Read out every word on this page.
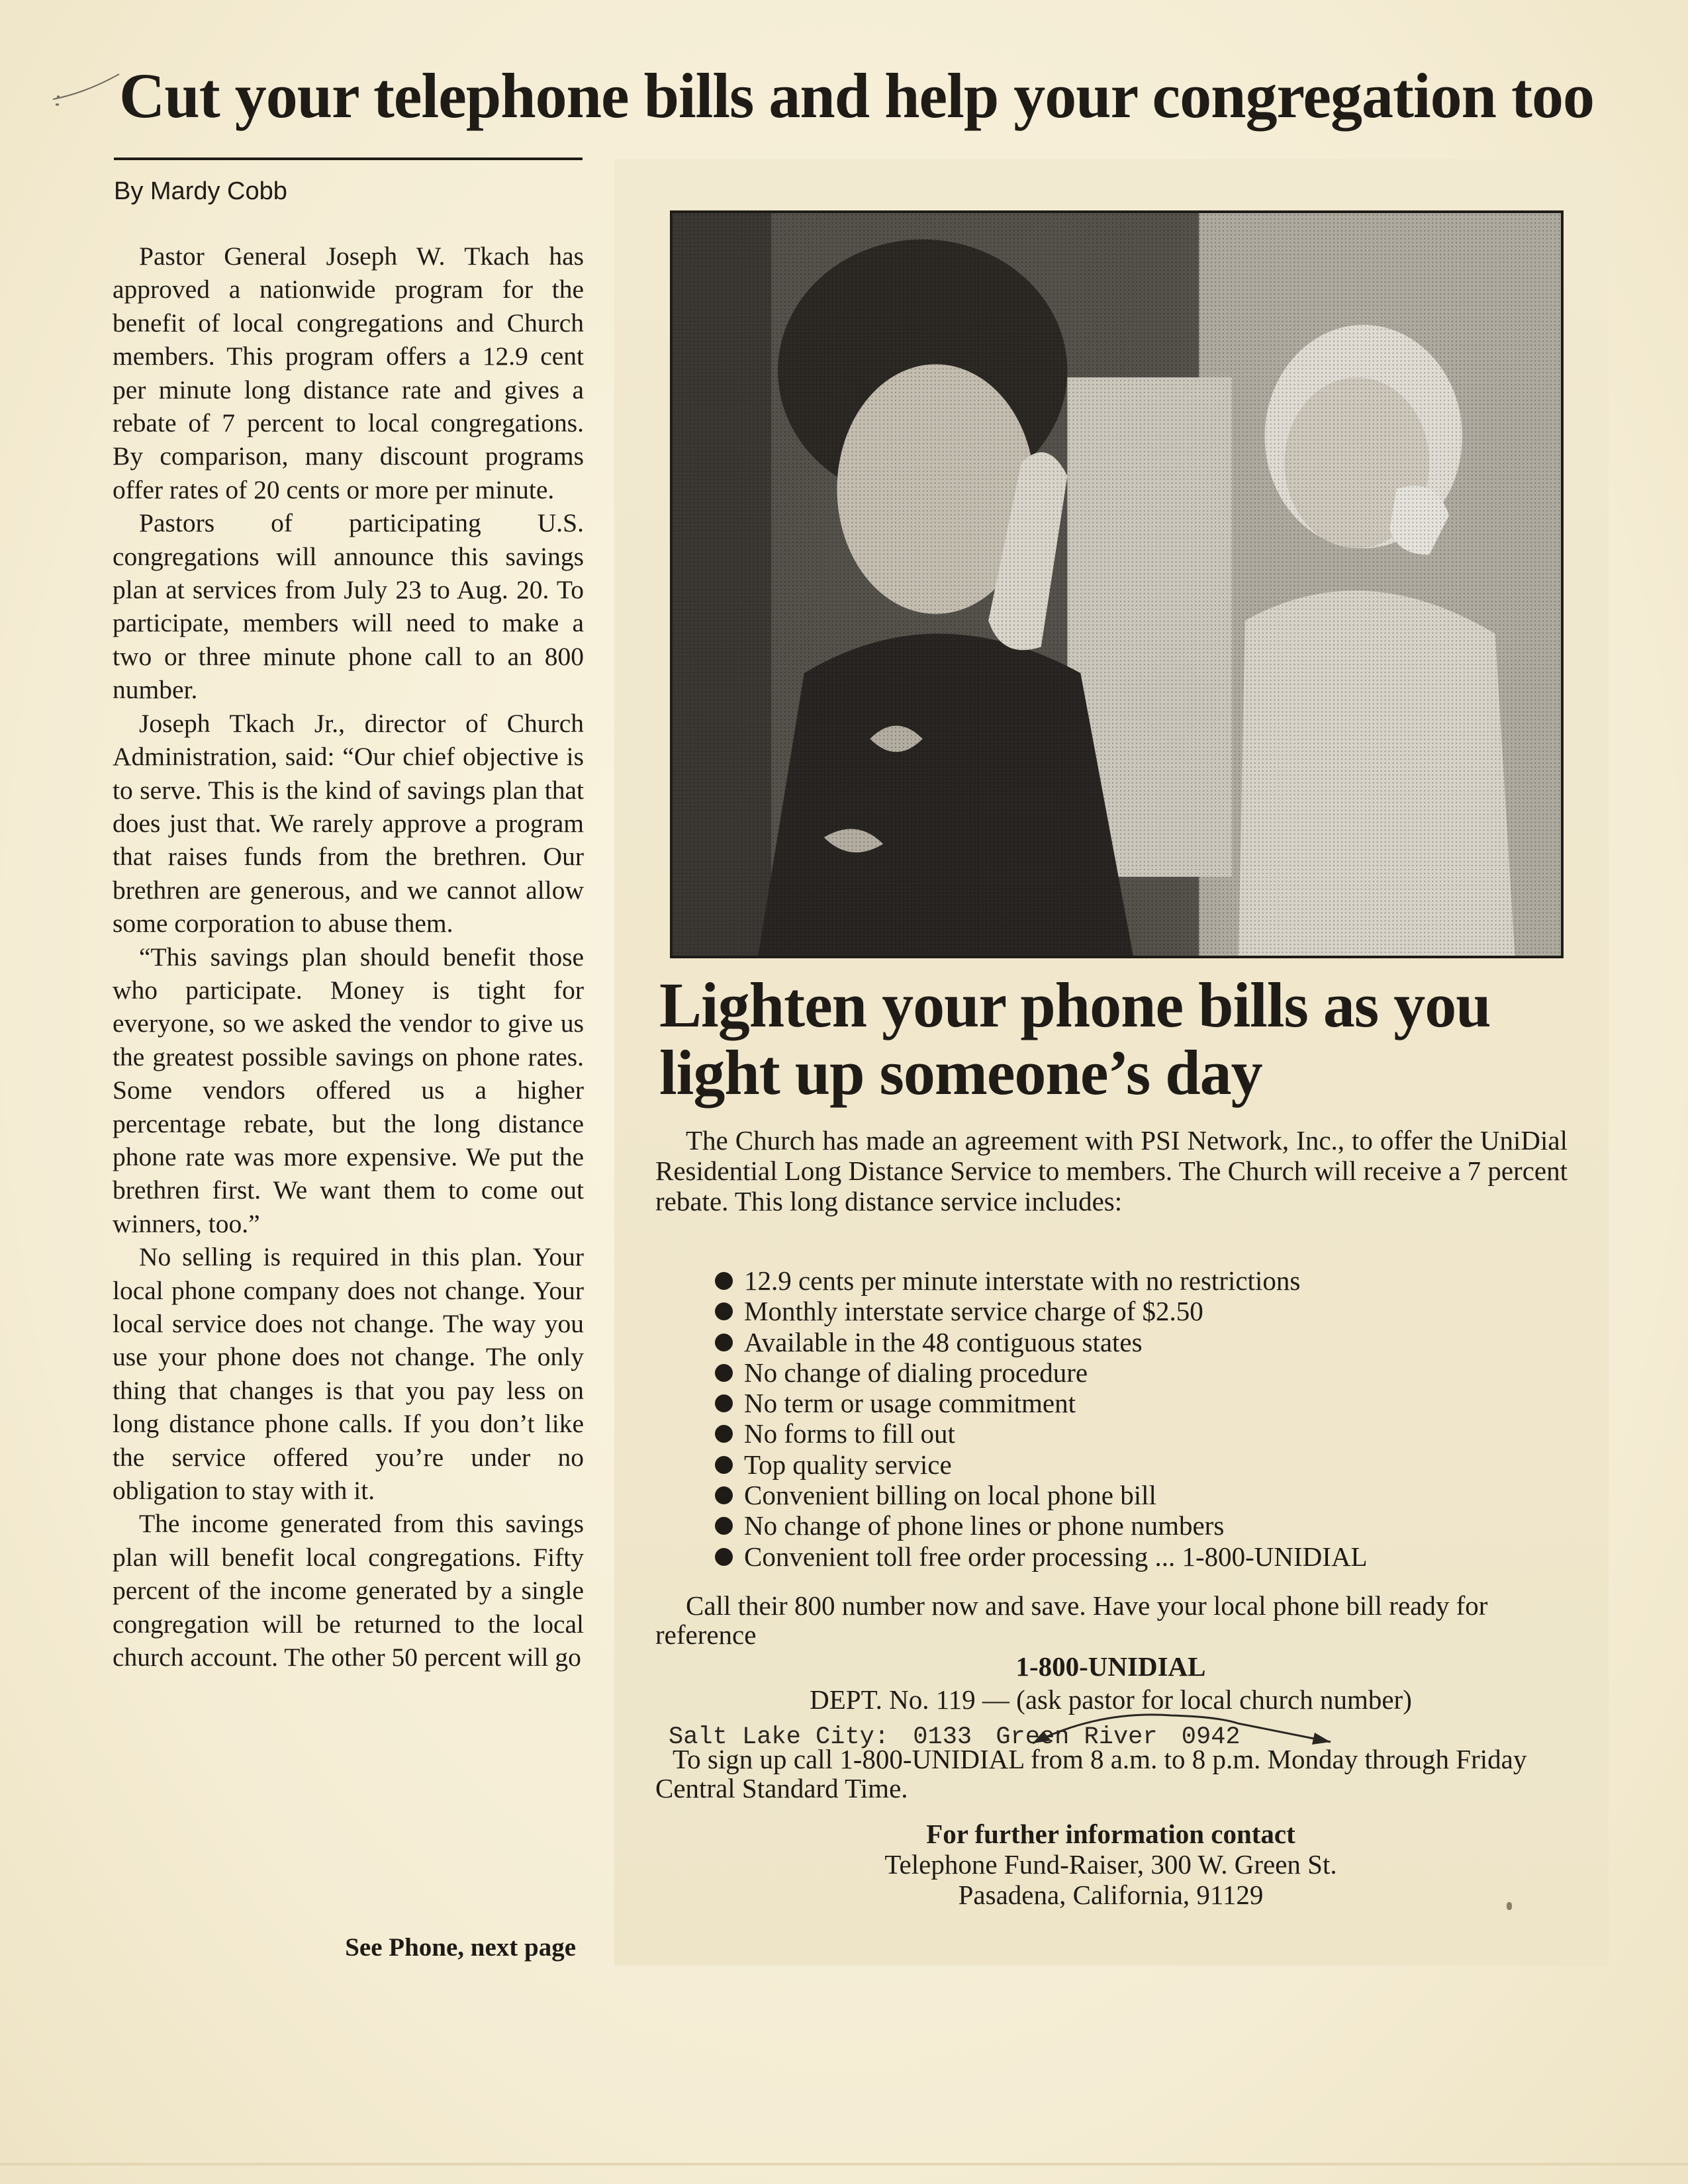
Cut your telephone bills and help your congregation too
By Mardy Cobb

Pastor General Joseph W. Tkach has approved a nationwide program for the benefit of local congregations and Church members. This program offers a 12.9 cent per minute long distance rate and gives a rebate of 7 percent to local congregations. By comparison, many discount programs offer rates of 20 cents or more per minute.

Pastors of participating U.S. congregations will announce this savings plan at services from July 23 to Aug. 20. To participate, members will need to make a two or three minute phone call to an 800 number.

Joseph Tkach Jr., director of Church Administration, said: “Our chief objective is to serve. This is the kind of savings plan that does just that. We rarely approve a program that raises funds from the brethren. Our brethren are generous, and we cannot allow some corporation to abuse them.

“This savings plan should benefit those who participate. Money is tight for everyone, so we asked the vendor to give us the greatest possible savings on phone rates. Some vendors offered us a higher percentage rebate, but the long distance phone rate was more expensive. We put the brethren first. We want them to come out winners, too.”

No selling is required in this plan. Your local phone company does not change. Your local service does not change. The way you use your phone does not change. The only thing that changes is that you pay less on long distance phone calls. If you don’t like the service offered you’re under no obligation to stay with it.

The income generated from this savings plan will benefit local congregations. Fifty percent of the income generated by a single congregation will be returned to the local church account. The other 50 percent will go

See Phone, next page
Lighten your phone bills as you light up someone’s day
The Church has made an agreement with PSI Network, Inc., to offer the UniDial Residential Long Distance Service to members. The Church will receive a 7 percent rebate. This long distance service includes:
12.9 cents per minute interstate with no restrictions
Monthly interstate service charge of $2.50
Available in the 48 contiguous states
No change of dialing procedure
No term or usage commitment
No forms to fill out
Top quality service
Convenient billing on local phone bill
No change of phone lines or phone numbers
Convenient toll free order processing ... 1-800-UNIDIAL
Call their 800 number now and save. Have your local phone bill ready for reference
1-800-UNIDIAL
DEPT. No. 119 — (ask pastor for local church number)
Salt Lake City: 0133 Green River 0942
To sign up call 1-800-UNIDIAL from 8 a.m. to 8 p.m. Monday through Friday Central Standard Time.
For further information contact
Telephone Fund-Raiser, 300 W. Green St.
Pasadena, California, 91129
